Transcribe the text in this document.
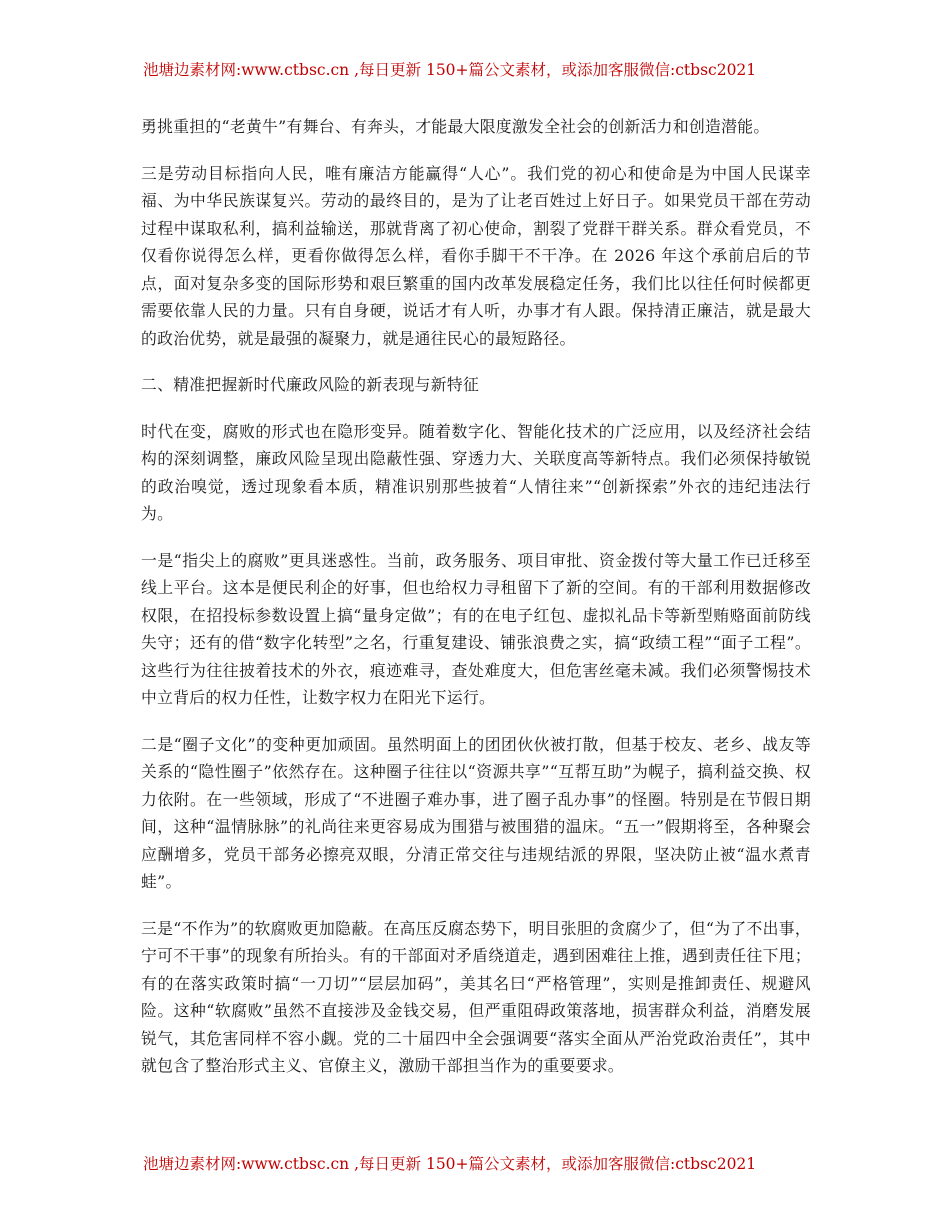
池塘边素材网:www.ctbsc.cn ,每日更新 150+篇公文素材，或添加客服微信:ctbsc2021

勇挑重担的“老黄牛”有舞台、有奔头，才能最大限度激发全社会的创新活力和创造潜能。

三是劳动目标指向人民，唯有廉洁方能赢得“人心”。我们党的初心和使命是为中国人民谋幸福、为中华民族谋复兴。劳动的最终目的，是为了让老百姓过上好日子。如果党员干部在劳动过程中谋取私利，搞利益输送，那就背离了初心使命，割裂了党群干群关系。群众看党员，不仅看你说得怎么样，更看你做得怎么样，看你手脚干不干净。在 2026 年这个承前启后的节点，面对复杂多变的国际形势和艰巨繁重的国内改革发展稳定任务，我们比以往任何时候都更需要依靠人民的力量。只有自身硬，说话才有人听，办事才有人跟。保持清正廉洁，就是最大的政治优势，就是最强的凝聚力，就是通往民心的最短路径。

二、精准把握新时代廉政风险的新表现与新特征

时代在变，腐败的形式也在隐形变异。随着数字化、智能化技术的广泛应用，以及经济社会结构的深刻调整，廉政风险呈现出隐蔽性强、穿透力大、关联度高等新特点。我们必须保持敏锐的政治嗅觉，透过现象看本质，精准识别那些披着“人情往来”“创新探索”外衣的违纪违法行为。

一是“指尖上的腐败”更具迷惑性。当前，政务服务、项目审批、资金拨付等大量工作已迁移至线上平台。这本是便民利企的好事，但也给权力寻租留下了新的空间。有的干部利用数据修改权限，在招投标参数设置上搞“量身定做”；有的在电子红包、虚拟礼品卡等新型贿赂面前防线失守；还有的借“数字化转型”之名，行重复建设、铺张浪费之实，搞“政绩工程”“面子工程”。这些行为往往披着技术的外衣，痕迹难寻，查处难度大，但危害丝毫未减。我们必须警惕技术中立背后的权力任性，让数字权力在阳光下运行。

二是“圈子文化”的变种更加顽固。虽然明面上的团团伙伙被打散，但基于校友、老乡、战友等关系的“隐性圈子”依然存在。这种圈子往往以“资源共享”“互帮互助”为幌子，搞利益交换、权力依附。在一些领域，形成了“不进圈子难办事，进了圈子乱办事”的怪圈。特别是在节假日期间，这种“温情脉脉”的礼尚往来更容易成为围猎与被围猎的温床。“五一”假期将至，各种聚会应酬增多，党员干部务必擦亮双眼，分清正常交往与违规结派的界限，坚决防止被“温水煮青蛙”。

三是“不作为”的软腐败更加隐蔽。在高压反腐态势下，明目张胆的贪腐少了，但“为了不出事，宁可不干事”的现象有所抬头。有的干部面对矛盾绕道走，遇到困难往上推，遇到责任往下甩；有的在落实政策时搞“一刀切”“层层加码”，美其名曰“严格管理”，实则是推卸责任、规避风险。这种“软腐败”虽然不直接涉及金钱交易，但严重阻碍政策落地，损害群众利益，消磨发展锐气，其危害同样不容小觑。党的二十届四中全会强调要“落实全面从严治党政治责任”，其中就包含了整治形式主义、官僚主义，激励干部担当作为的重要要求。

池塘边素材网:www.ctbsc.cn ,每日更新 150+篇公文素材，或添加客服微信:ctbsc2021
